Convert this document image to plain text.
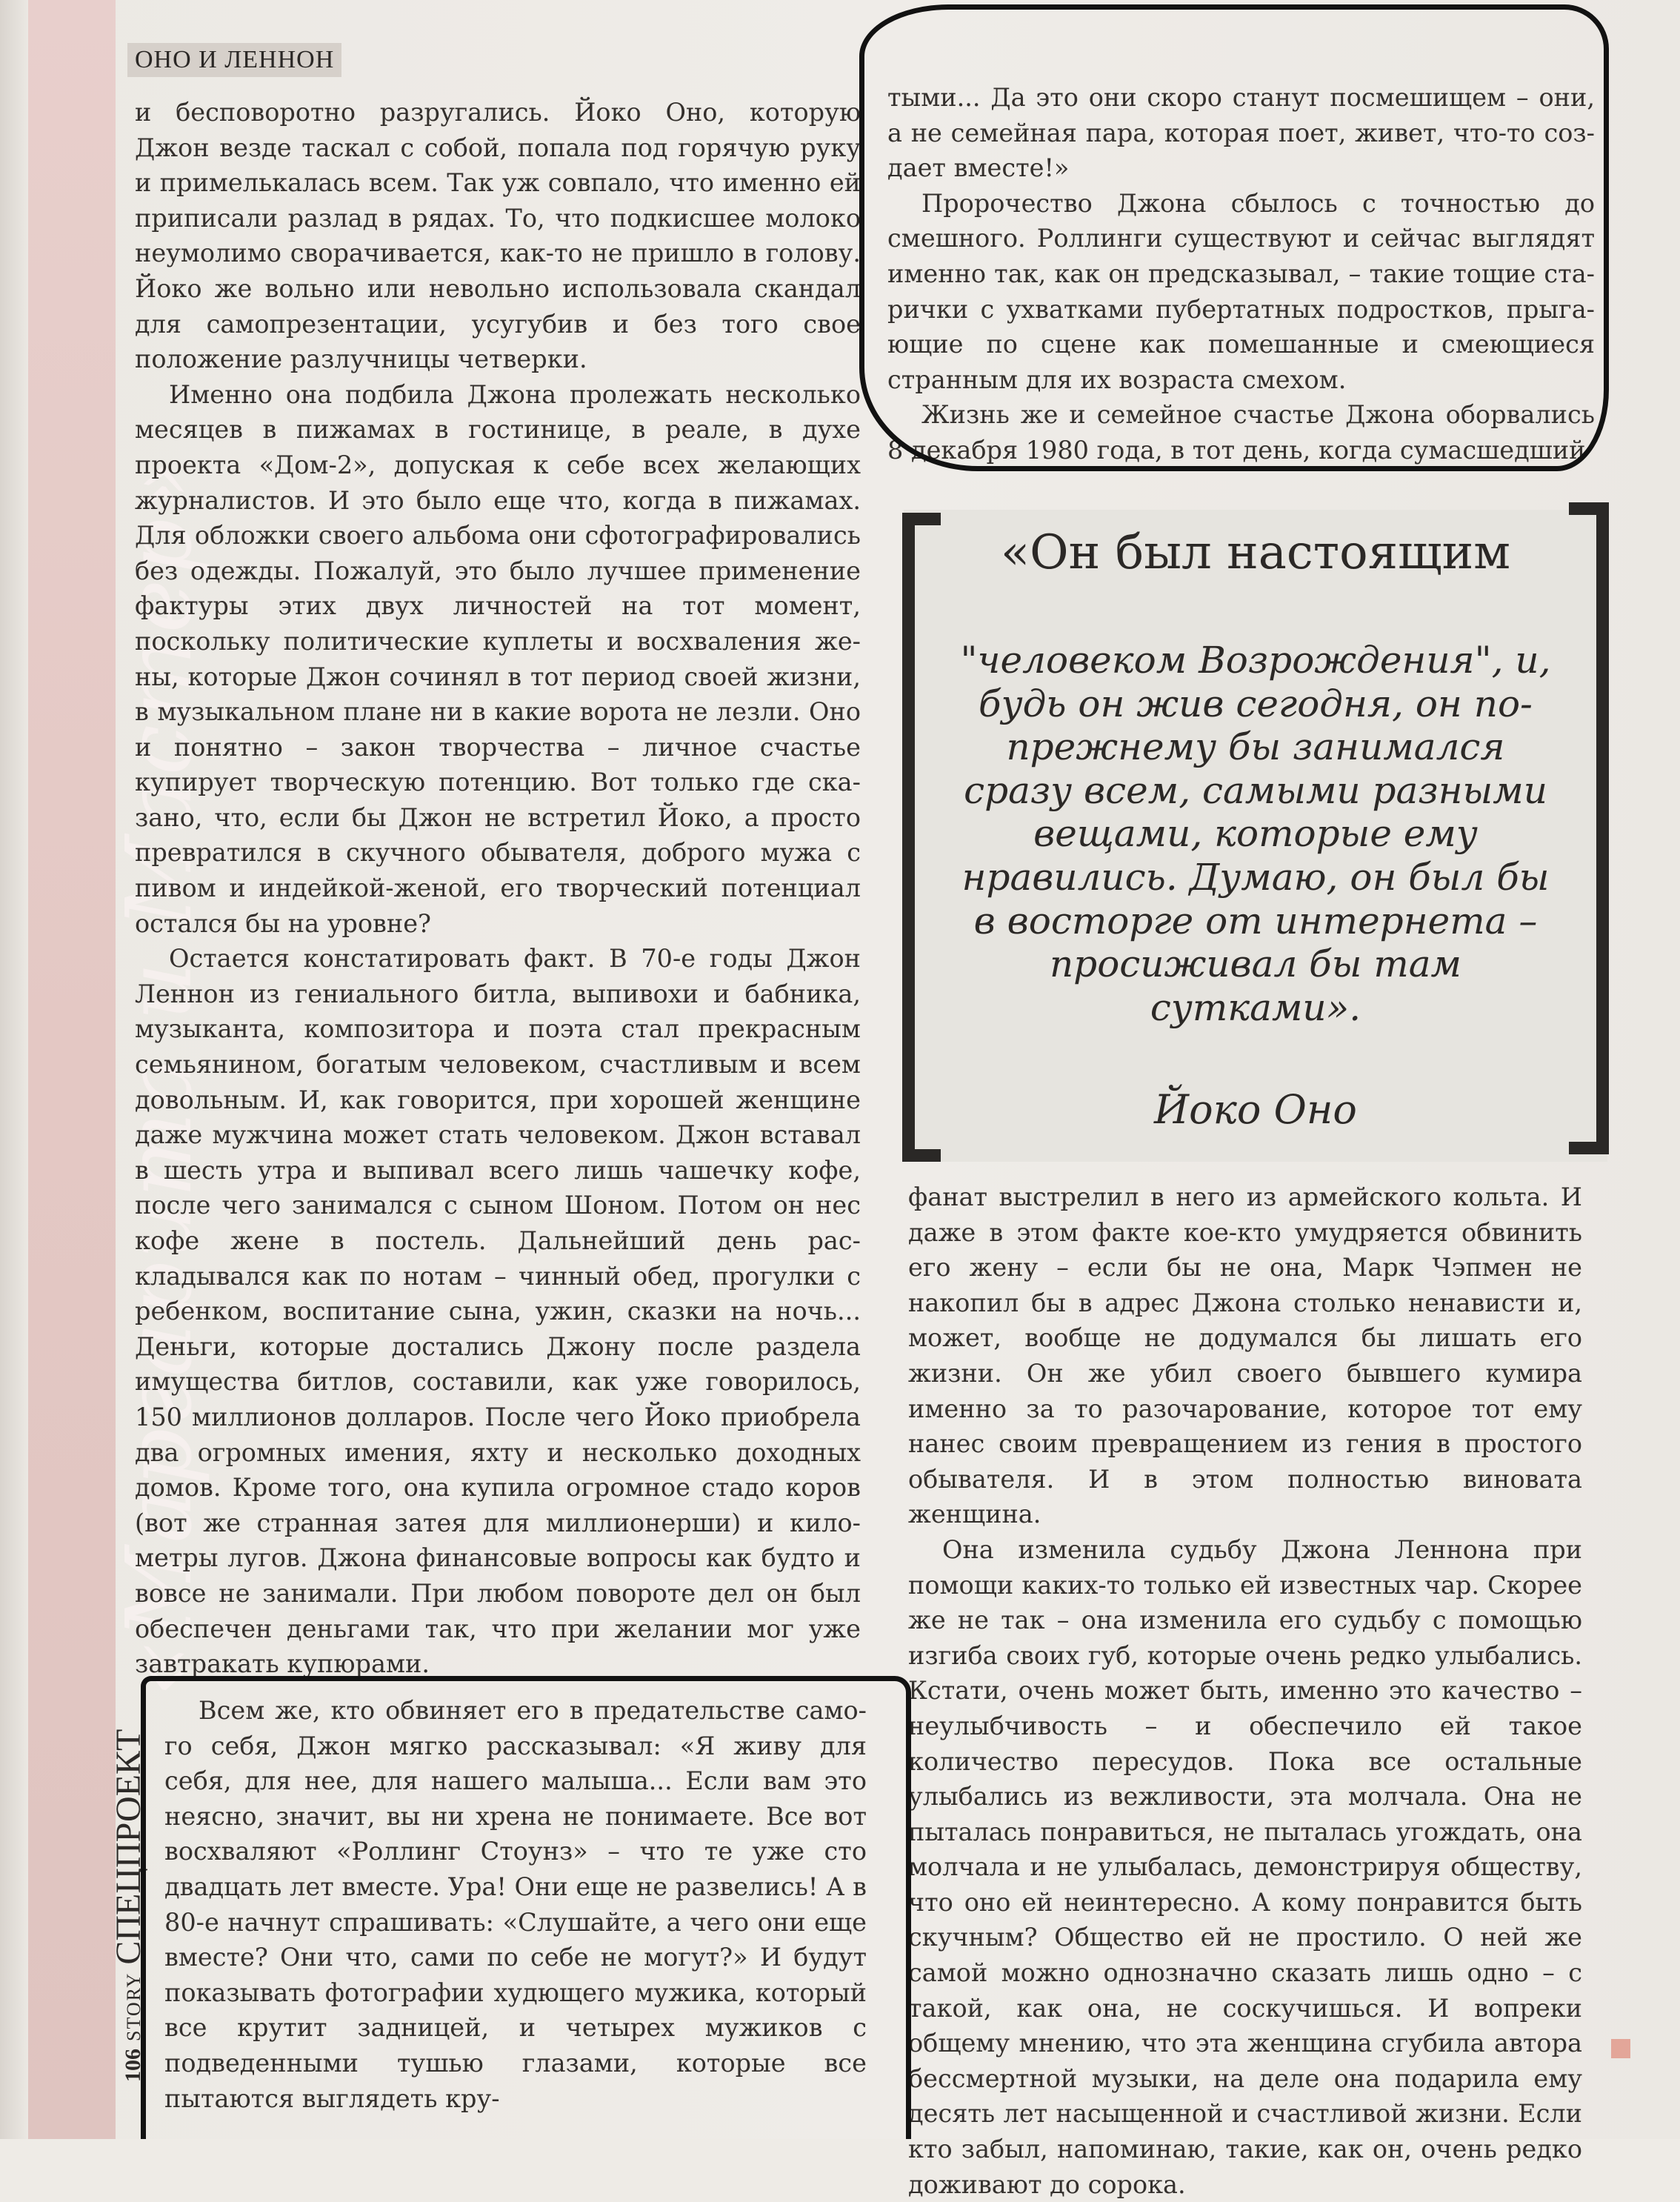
«Маргарита и Мастер»
106
STORY
СПЕЦПРОЕКТ
ОНО И ЛЕННОН

и бесповоротно разругались. Йоко Оно, которую Джон везде таскал с собой, попала под горячую руку и примелькалась всем. Так уж совпало, что именно ей приписали разлад в рядах. То, что подкисшее молоко неумолимо сворачивается, как-то не пришло в голову. Йоко же вольно или невольно использовала скандал для самопрезентации, усугубив и без того свое положение разлучницы четверки.

Именно она подбила Джона пролежать несколько месяцев в пижамах в гостинице, в реале, в духе проекта «Дом-2», допуская к себе всех желающих журналистов. И это было еще что, когда в пижамах. Для обложки своего альбома они сфотографировались без одежды. Пожалуй, это было лучшее применение фактуры этих двух личностей на тот момент, поскольку политические куплеты и восхваления жены, которые Джон сочинял в тот период своей жизни, в музыкальном плане ни в какие ворота не лезли. Оно и понятно – закон творчества – личное счастье купирует творческую потенцию. Вот только где сказано, что, если бы Джон не встретил Йоко, а просто превратился в скучного обывателя, доброго мужа с пивом и индейкой-женой, его творческий потенциал остался бы на уровне?

Остается констатировать факт. В 70-е годы Джон Леннон из гениального битла, выпивохи и бабника, музыканта, композитора и поэта стал прекрасным семьянином, богатым человеком, счастливым и всем довольным. И, как говорится, при хорошей женщине даже мужчина может стать человеком. Джон вставал в шесть утра и выпивал всего лишь чашечку кофе, после чего занимался с сыном Шоном. Потом он нес кофе жене в постель. Дальнейший день раскладывался как по нотам – чинный обед, прогулки с ребенком, воспитание сына, ужин, сказки на ночь... Деньги, которые достались Джону после раздела имущества битлов, составили, как уже говорилось, 150 миллионов долларов. После чего Йоко приобрела два огромных имения, яхту и несколько доходных домов. Кроме того, она купила огромное стадо коров (вот же странная затея для миллионерши) и километры лугов. Джона финансовые вопросы как будто и вовсе не занимали. При любом повороте дел он был обеспечен деньгами так, что при желании мог уже завтракать купюрами.

Всем же, кто обвиняет его в предательстве самого себя, Джон мягко рассказывал: «Я живу для себя, для нее, для нашего малыша... Если вам это неясно, значит, вы ни хрена не понимаете. Все вот восхваляют «Роллинг Стоунз» – что те уже сто двадцать лет вместе. Ура! Они еще не развелись! А в 80-е начнут спрашивать: «Слушайте, а чего они еще вместе? Они что, сами по себе не могут?» И будут показывать фотографии худющего мужика, который все крутит задницей, и четырех мужиков с подведенными тушью глазами, которые все пытаются выглядеть кру-

тыми... Да это они скоро станут посмешищем – они, а не семейная пара, которая поет, живет, что-то создает вместе!»

Пророчество Джона сбылось с точностью до смешного. Роллинги существуют и сейчас выглядят именно так, как он предсказывал, – такие тощие старички с ухватками пубертатных подростков, прыгающие по сцене как помешанные и смеющиеся странным для их возраста смехом.

Жизнь же и семейное счастье Джона оборвались 8 декабря 1980 года, в тот день, когда сумасшедший

«Он был настоящим
"человеком Возрождения", и, будь он жив сегодня, он по-прежнему бы занимался сразу всем, самыми разными вещами, которые ему нравились. Думаю, он был бы в восторге от интернета – просиживал бы там сутками».
Йоко Оно

фанат выстрелил в него из армейского кольта. И даже в этом факте кое-кто умудряется обвинить его жену – если бы не она, Марк Чэпмен не накопил бы в адрес Джона столько ненависти и, может, вообще не додумался бы лишать его жизни. Он же убил своего бывшего кумира именно за то разочарование, которое тот ему нанес своим превращением из гения в простого обывателя. И в этом полностью виновата женщина.

Она изменила судьбу Джона Леннона при помощи каких-то только ей известных чар. Скорее же не так – она изменила его судьбу с помощью изгиба своих губ, которые очень редко улыбались. Кстати, очень может быть, именно это качество – неулыбчивость – и обеспечило ей такое количество пересудов. Пока все остальные улыбались из вежливости, эта молчала. Она не пыталась понравиться, не пыталась угождать, она молчала и не улыбалась, демонстрируя обществу, что оно ей неинтересно. А кому понравится быть скучным? Общество ей не простило. О ней же самой можно однозначно сказать лишь одно – с такой, как она, не соскучишься. И вопреки общему мнению, что эта женщина сгубила автора бессмертной музыки, на деле она подарила ему десять лет насыщенной и счастливой жизни. Если кто забыл, напоминаю, такие, как он, очень редко доживают до сорока.
